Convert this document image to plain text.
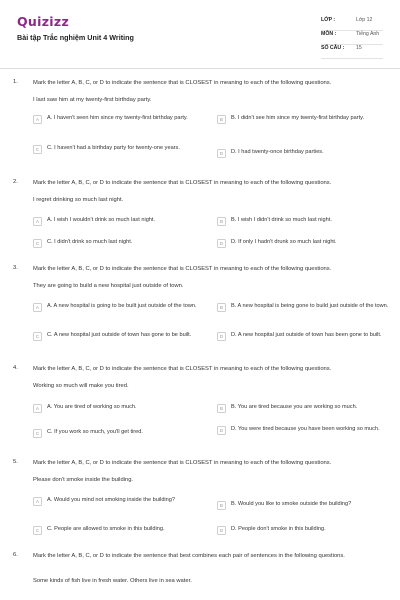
Quizizz
Bài tập Trắc nghiệm Unit 4 Writing
LỚP :	Lớp 12
MÔN :	Tiếng Anh
SỐ CÂU : 15
1.	Mark the letter A, B, C, or D to indicate the sentence that is CLOSEST in meaning to each of the following questions.
I last saw him at my twenty-first birthday party.
A	A. I haven't seen him since my twenty-first birthday party.	B	B. I didn't see him since my twenty-first birthday party.
C	C. I haven't had a birthday party for twenty-one years.
D	D. I had twenty-once birthday parties.
2.	Mark the letter A, B, C, or D to indicate the sentence that is CLOSEST in meaning to each of the following questions.
I regret drinking so much last night.
A	A. I wish I wouldn't drink so much last night.	B	B. I wish I didn't drink so much last night.
C	C. I didn't drink so much last night.	D	D. If only I hadn't drunk so much last night.
3.	Mark the letter A, B, C, or D to indicate the sentence that is CLOSEST in meaning to each of the following questions.
They are going to build a new hospital just outside of town.
A	A. A new hospital is going to be built just outside of the town.	B	B. A new hospital is being gone to build just outside of the town.
C	C. A new hospital just outside of town has gone to be built.	D	D. A new hospital just outside of town has been gone to built.
4.	Mark the letter A, B, C, or D to indicate the sentence that is CLOSEST in meaning to each of the following questions.
Working so much will make you tired.
A	A. You are tired of working so much.	B	B. You are tired because you are working so much.
C	C. If you work so much, you'll get tired.	D	D. You were tired because you have been working so much.
5.	Mark the letter A, B, C, or D to indicate the sentence that is CLOSEST in meaning to each of the following questions.
Please don't smoke inside the building.
A	A. Would you mind not smoking inside the building?
B	B. Would you like to smoke outside the building?
C	C. People are allowed to smoke in this building.	D	D. People don't smoke in this building.
6.	Mark the letter A, B, C, or D to indicate the sentence that best combines each pair of sentences in the following questions.
Some kinds of fish live in fresh water. Others live in sea water.
